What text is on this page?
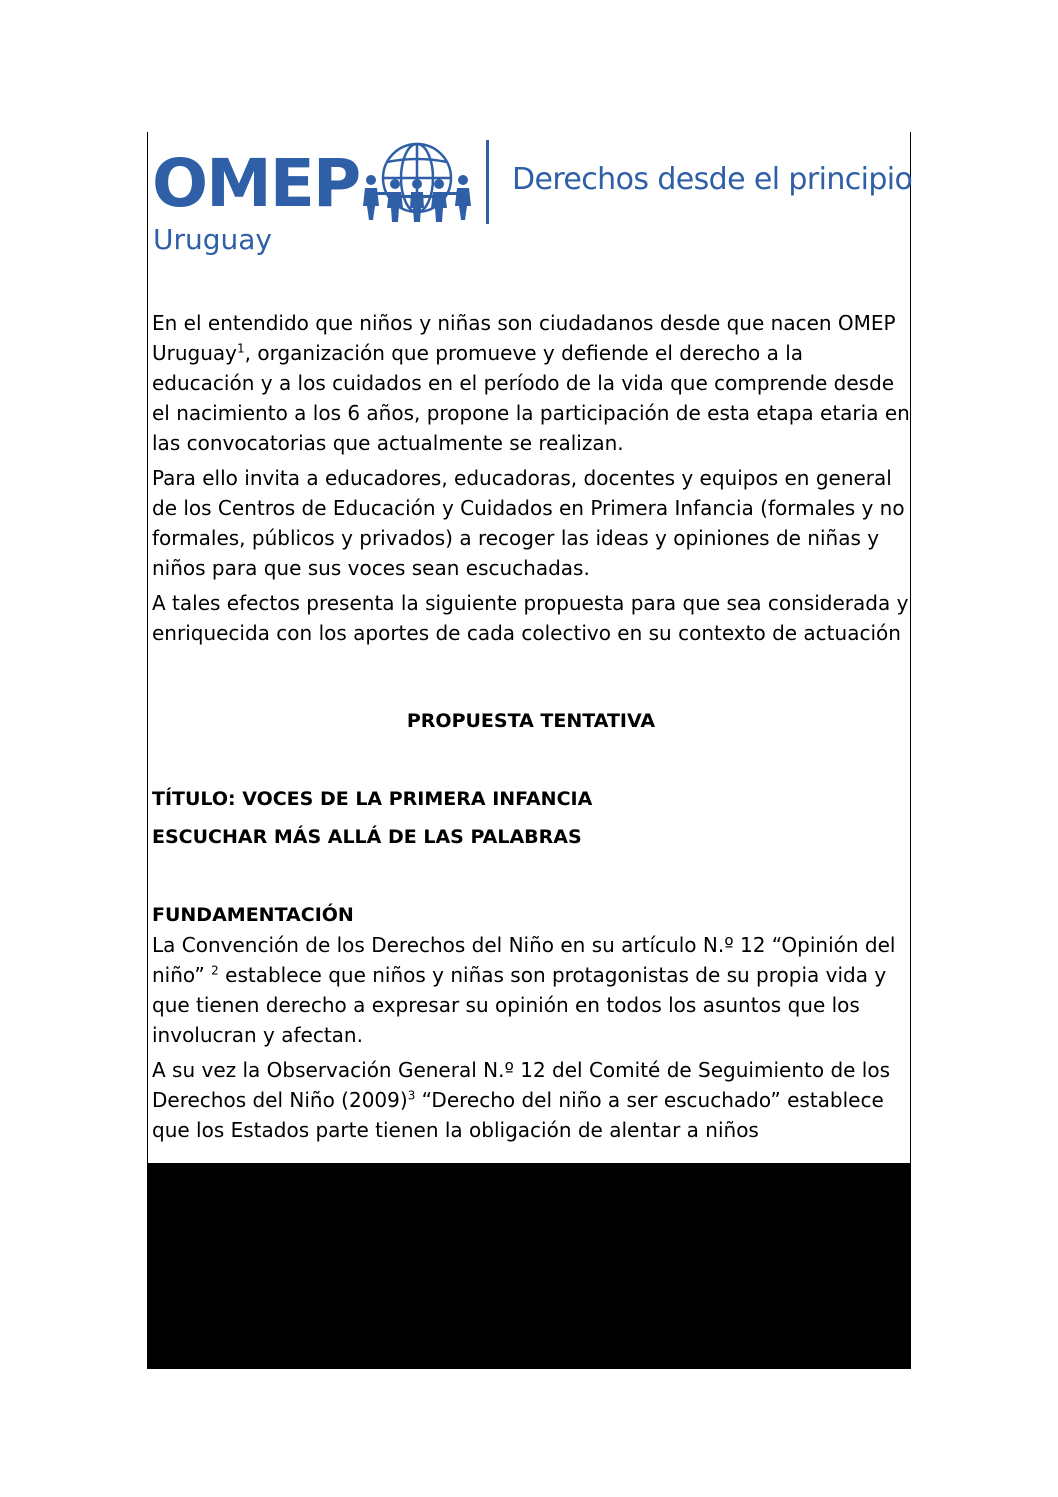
OMEP
Uruguay
Derechos desde el principio

En el entendido que niños y niñas son ciudadanos desde que nacen OMEP Uruguay$^1$, organización que promueve y defiende el derecho a la educación y a los cuidados en el período de la vida que comprende desde el nacimiento a los 6 años, propone la participación de esta etapa etaria en las convocatorias que actualmente se realizan.

Para ello invita a educadores, educadoras, docentes y equipos en general de los Centros de Educación y Cuidados en Primera Infancia (formales y no formales, públicos y privados) a recoger las ideas y opiniones de niñas y niños para que sus voces sean escuchadas.

A tales efectos presenta la siguiente propuesta para que sea considerada y enriquecida con los aportes de cada colectivo en su contexto de actuación

PROPUESTA TENTATIVA

TÍTULO: VOCES DE LA PRIMERA INFANCIA

ESCUCHAR MÁS ALLÁ DE LAS PALABRAS

FUNDAMENTACIÓN

La Convención de los Derechos del Niño en su artículo N.º 12 “Opinión del niño” $^2$ establece que niños y niñas son protagonistas de su propia vida y que tienen derecho a expresar su opinión en todos los asuntos que los involucran y afectan.

A su vez la Observación General N.º 12 del Comité de Seguimiento de los Derechos del Niño $(2009)^3$ “Derecho del niño a ser escuchado” establece que los Estados parte tienen la obligación de alentar a niños
